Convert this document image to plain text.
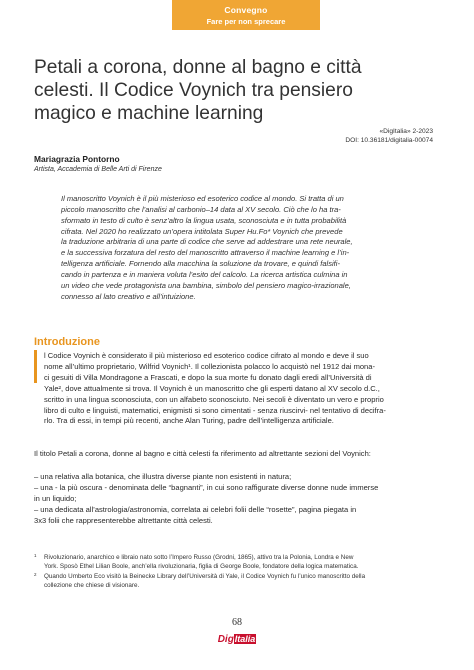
Convegno
Fare per non sprecare
Petali a corona, donne al bagno e città
celesti. Il Codice Voynich tra pensiero
magico e machine learning
«DigItalia» 2-2023
DOI: 10.36181/digitalia-00074
Mariagrazia Pontorno
Artista, Accademia di Belle Arti di Firenze
Il manoscritto Voynich è il più misterioso ed esoterico codice al mondo. Si tratta di un
piccolo manoscritto che l’analisi al carbonio–14 data al XV secolo. Ciò che lo ha tra-
sformato in testo di culto è senz’altro la lingua usata, sconosciuta e in tutta probabilità
cifrata. Nel 2020 ho realizzato un’opera intitolata Super Hu.Fo* Voynich che prevede
la traduzione arbitraria di una parte di codice che serve ad addestrare una rete neurale,
e la successiva forzatura del resto del manoscritto attraverso il machine learning e l’in-
telligenza artificiale. Fornendo alla macchina la soluzione da trovare, e quindi falsifi-
cando in partenza e in maniera voluta l’esito del calcolo. La ricerca artistica culmina in
un video che vede protagonista una bambina, simbolo del pensiero magico-irrazionale,
connesso al lato creativo e all’intuizione.
Introduzione
l Codice Voynich è considerato il più misterioso ed esoterico codice cifrato al mondo e deve il suo
nome all’ultimo proprietario, Wilfrid Voynich¹. Il collezionista polacco lo acquistò nel 1912 dai mona-
ci gesuiti di Villa Mondragone a Frascati, e dopo la sua morte fu donato dagli eredi all’Università di
Yale², dove attualmente si trova. Il Voynich è un manoscritto che gli esperti datano al XV secolo d.C.,
scritto in una lingua sconosciuta, con un alfabeto sconosciuto. Nei secoli è diventato un vero e proprio
libro di culto e linguisti, matematici, enigmisti si sono cimentati - senza riuscirvi- nel tentativo di decifra-
rlo. Tra di essi, in tempi più recenti, anche Alan Turing, padre dell’intelligenza artificiale.
Il titolo Petali a corona, donne al bagno e città celesti fa riferimento ad altrettante sezioni del Voynich:
– una relativa alla botanica, che illustra diverse piante non esistenti in natura;
– una - la più oscura - denominata delle “bagnanti”, in cui sono raffigurate diverse donne nude immerse
in un liquido;
– una dedicata all’astrologia/astronomia, correlata ai celebri folii delle “rosette”, pagina piegata in
3x3 folii che rappresenterebbe altrettante città celesti.
1
2
Rivoluzionario, anarchico e libraio nato sotto l’Impero Russo (Grodni, 1865), attivo tra la Polonia, Londra e New
York. Sposò Ethel Lilian Boole, anch’ella rivoluzionaria, figlia di George Boole, fondatore della logica matematica.
Quando Umberto Eco visitò la Beinecke Library dell’Università di Yale, il Codice Voynich fu l’unico manoscritto della
collezione che chiese di visionare.
68
DigItalia
